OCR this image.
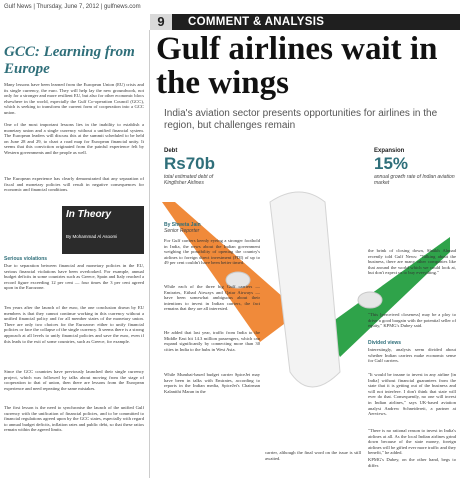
Gulf News | Thursday, June 7, 2012 | gulfnews.com
9	COMMENT & ANALYSIS
GCC: Learning from Europe
Many lessons have been learned from the European Union (EU) crisis and its single currency, the euro. They will help lay the new groundwork, not only for a stronger and more resilient EU, but also for other economic blocs elsewhere in the world, especially the Gulf Co-operation Council (GCC), which is seeking to transform the current form of cooperation into a GCC union.
One of the most important lessons lies in the inability to establish a monetary union and a single currency without a unified financial system. The European leaders will discuss this at the summit scheduled to be held on June 28 and 29, to chart a road map for European financial unity. It seems that this conviction originated from the painful experience felt by Western governments and the people as well.
The European experience has clearly demonstrated that any separation of fiscal and monetary policies will result in negative consequences for economic and financial conditions.
In Theory
By Mohammad Al Asoomi
Serious violations
Due to separation between financial and monetary policies in the EU, serious financial violations have been overlooked. For example, annual budget deficits in some countries such as Greece, Spain and Italy reached a record figure exceeding 12 per cent — four times the 3 per cent agreed upon in the Eurozone.
Ten years after the launch of the euro, the one conclusion drawn by EU members is that they cannot continue working in this currency without a unified financial policy and for all member states of the monetary union. There are only two choices for the Eurozone: either to unify financial policies or face the collapse of the single currency. It seems there is a strong approach at all levels to unify financial policies and save the euro, even if this leads to the exit of some countries, such as Greece, for example.
Since the GCC countries have previously launched their single currency project, which was followed by talks about moving from the stage of cooperation to that of union, then there are lessons from the European experience and need repeating the same mistakes.
The first lesson is the need to synchronise the launch of the unified Gulf currency with the unification of financial policies, and to be committed to financial regulations agreed upon by the GCC states, especially with regard to annual budget deficits, inflation rates and public debt, so that these ratios remain within the agreed limits.
Gulf airlines wait in the wings
India's aviation sector presents opportunities for airlines in the region, but challenges remain
Debt
Rs70b
total estimated debt of Kingfisher Airlines
Expansion
15%
annual growth rate of Indian aviation market
By Shweta Jain
Senior Reporter
For Gulf carriers keenly eyeing a stronger foothold in India, the news about the Indian government weighing the possibility of opening the country's airlines to foreign direct investment (FDI) of up to 49 per cent couldn't have been better timed.
While each of the three big Gulf carriers — Emirates, Etihad Airways and Qatar Airways — have been somewhat ambiguous about their intentions to invest in Indian carriers, the fact remains that they are all interested.
He added that last year, traffic from India to the Middle East hit 14.3 million passengers, which can expand significantly by connecting more than 30 cities in India to the hubs in West Asia.
While Mumbai-based budget carrier SpiceJet may have been in talks with Emirates, according to reports in the Indian media, SpiceJet's Chairman Kalanithi Maran in the
carrier, although the final word on the issue is still awaited.
the brink of closing down, Shaikh Ahmad recently told Gulf News: "Talking about the business, there are many other companies like that around the world which we could look at, but don't expect us to buy everything."
"This [perceived closeness] may be a ploy to drive a good bargain with the potential seller of equity," KPMG's Dubey said.
Divided views
Interestingly, analysts seem divided about whether Indian carriers make economic sense for Gulf carriers.
"It would be insane to invest in any airline [in India] without financial guarantees from the state that it is getting out of the business and will not interfere. I don't think that state will ever do that. Consequently, no one will invest in Indian airlines," says UK-based aviation analyst Andrew Schneidereit, a partner at Aerviews.
"There is no rational reason to invest in India's airlines at all. As the local Indian airlines grind down because of the state money, foreign airlines will be gifted ever more traffic and they benefit," he added.
KPMG's Dubey, on the other hand, begs to differ.
